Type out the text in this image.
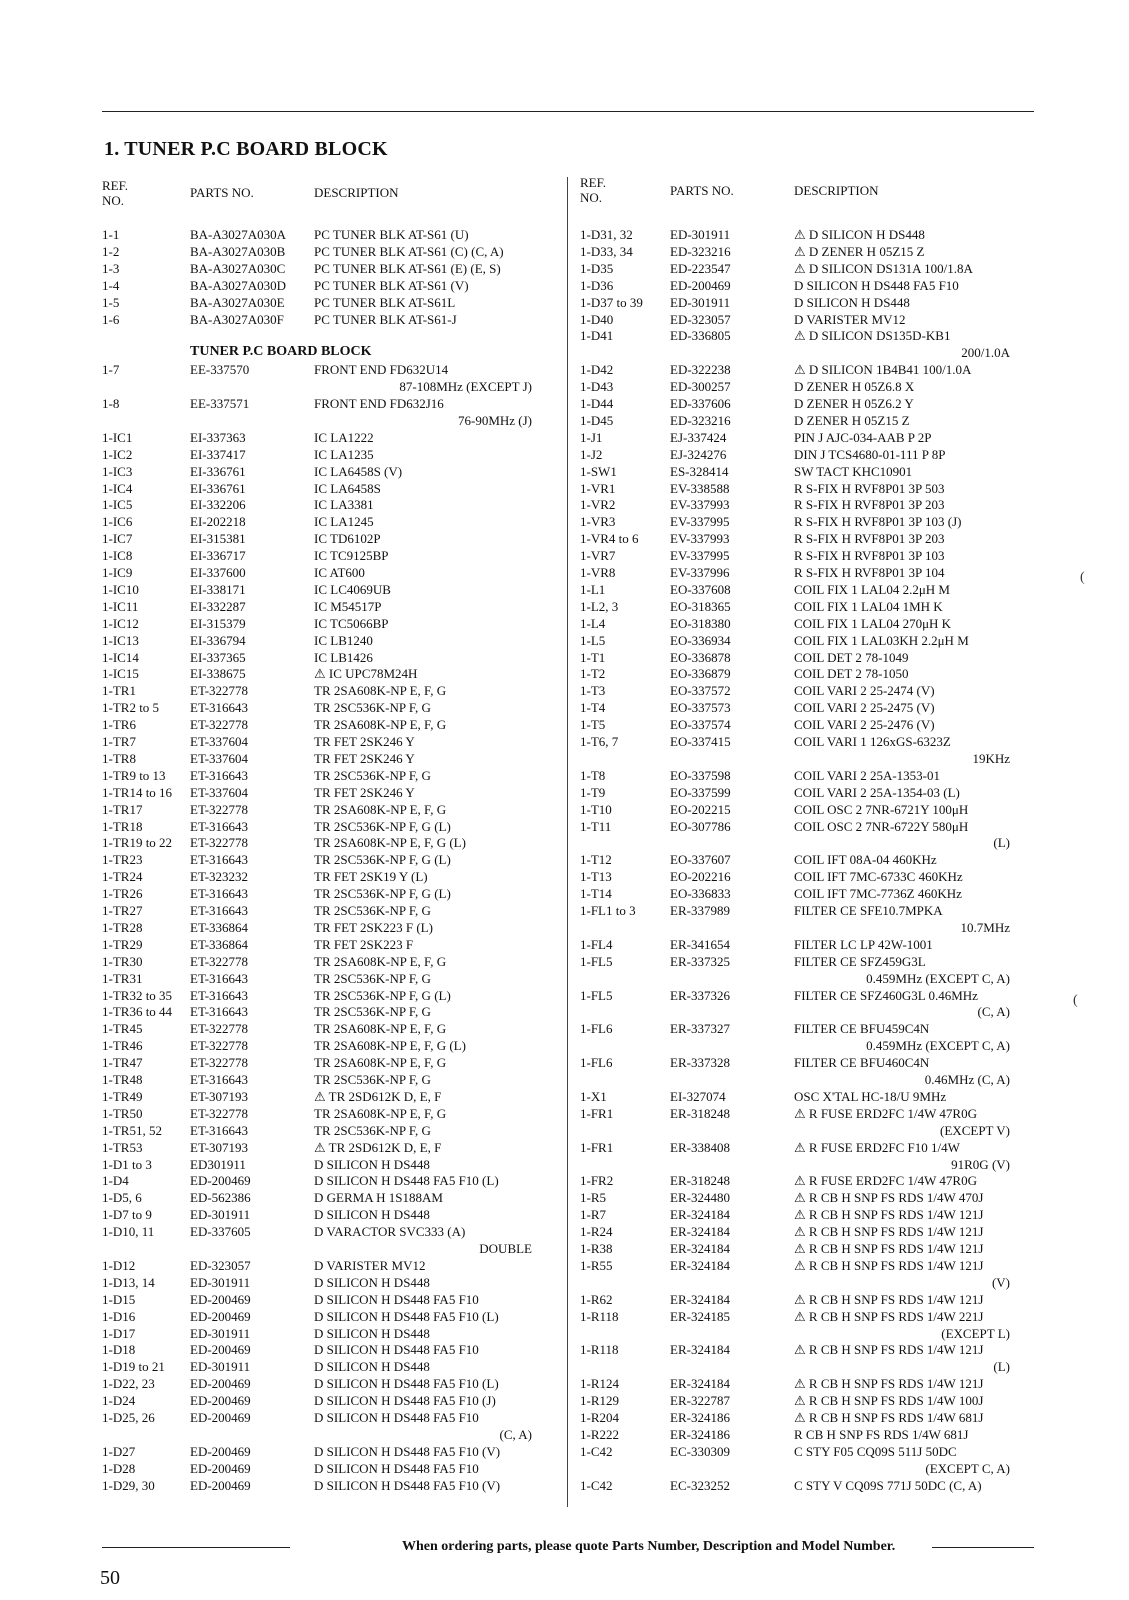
1. TUNER P.C BOARD BLOCK
REF.
NO.
PARTS NO.	DESCRIPTION
REF.
NO.	PARTS NO.	DESCRIPTION
TUNER P.C BOARD BLOCK
1-1	BA-A3027A030A PC TUNER BLK AT-S61 (U)
1-2	BA-A3027A030B PC TUNER BLK AT-S61 (C) (C, A)
1-3	BA-A3027A030C PC TUNER BLK AT-S61 (E) (E, S)
1-4	BA-A3027A030D PC TUNER BLK AT-S61 (V)
1-5	BA-A3027A030E PC TUNER BLK AT-S61L
1-6	BA-A3027A030F PC TUNER BLK AT-S61-J
1-7	EE-337570	FRONT END FD632U14
87-108MHz (EXCEPT J)
1-8	EE-337571	FRONT END FD632J16
76-90MHz (J)
1-IC1	EI-337363	IC LA1222
1-IC2	EI-337417	IC LA1235
1-IC3	EI-336761	IC LA6458S (V)
1-IC4	EI-336761	IC LA6458S
1-IC5	EI-332206	IC LA3381
1-IC6	EI-202218	IC LA1245
1-IC7	EI-315381	IC TD6102P
1-IC8	EI-336717	IC TC9125BP
1-IC9	EI-337600	IC AT600
1-IC10	EI-338171	IC LC4069UB
1-IC11	EI-332287	IC M54517P
1-IC12	EI-315379	IC TC5066BP
1-IC13	EI-336794	IC LB1240
1-IC14	EI-337365	IC LB1426
1-IC15	EI-338675	⚠ IC UPC78M24H
1-TR1	ET-322778	TR 2SA608K-NP E, F, G
1-TR2 to 5 ET-316643	TR 2SC536K-NP F, G
1-TR6	ET-322778	TR 2SA608K-NP E, F, G
1-TR7	ET-337604	TR FET 2SK246 Y
1-TR8	ET-337604	TR FET 2SK246 Y
1-TR9 to 13 ET-316643	TR 2SC536K-NP F, G
1-TR14 to 16 ET-337604	TR FET 2SK246 Y
1-TR17	ET-322778	TR 2SA608K-NP E, F, G
1-TR18	ET-316643	TR 2SC536K-NP F, G (L)
1-TR19 to 22 ET-322778	TR 2SA608K-NP E, F, G (L)
1-TR23	ET-316643	TR 2SC536K-NP F, G (L)
1-TR24	ET-323232	TR FET 2SK19 Y (L)
1-TR26	ET-316643	TR 2SC536K-NP F, G (L)
1-TR27	ET-316643	TR 2SC536K-NP F, G
1-TR28	ET-336864	TR FET 2SK223 F (L)
1-TR29	ET-336864	TR FET 2SK223 F
1-TR30	ET-322778	TR 2SA608K-NP E, F, G
1-TR31	ET-316643	TR 2SC536K-NP F, G
1-TR32 to 35 ET-316643	TR 2SC536K-NP F, G (L)
1-TR36 to 44 ET-316643	TR 2SC536K-NP F, G
1-TR45	ET-322778	TR 2SA608K-NP E, F, G
1-TR46	ET-322778	TR 2SA608K-NP E, F, G (L)
1-TR47	ET-322778	TR 2SA608K-NP E, F, G
1-TR48	ET-316643	TR 2SC536K-NP F, G
1-TR49	ET-307193	⚠ TR 2SD612K D, E, F
1-TR50	ET-322778	TR 2SA608K-NP E, F, G
1-TR51, 52 ET-316643	TR 2SC536K-NP F, G
1-TR53	ET-307193	⚠ TR 2SD612K D, E, F
1-D1 to 3	ED301911	D SILICON H DS448
1-D4	ED-200469	D SILICON H DS448 FA5 F10 (L)
1-D5, 6	ED-562386	D GERMA H 1S188AM
1-D7 to 9	ED-301911	D SILICON H DS448
1-D10, 11	ED-337605	D VARACTOR SVC333 (A)
DOUBLE
1-D12	ED-323057	D VARISTER MV12
1-D13, 14	ED-301911	D SILICON H DS448
1-D15	ED-200469	D SILICON H DS448 FA5 F10
1-D16	ED-200469	D SILICON H DS448 FA5 F10 (L)
1-D17	ED-301911	D SILICON H DS448
1-D18	ED-200469	D SILICON H DS448 FA5 F10
1-D19 to 21 ED-301911	D SILICON H DS448
1-D22, 23	ED-200469	D SILICON H DS448 FA5 F10 (L)
1-D24	ED-200469	D SILICON H DS448 FA5 F10 (J)
1-D25, 26	ED-200469	D SILICON H DS448 FA5 F10
(C, A)
1-D27	ED-200469	D SILICON H DS448 FA5 F10 (V)
1-D28	ED-200469	D SILICON H DS448 FA5 F10
1-D29, 30	ED-200469	D SILICON H DS448 FA5 F10 (V)
1-D31, 32	ED-301911	⚠ D SILICON H DS448
1-D33, 34	ED-323216	⚠ D ZENER H 05Z15 Z
1-D35	ED-223547	⚠ D SILICON DS131A 100/1.8A
1-D36	ED-200469	D SILICON H DS448 FA5 F10
1-D37 to 39 ED-301911	D SILICON H DS448
1-D40	ED-323057	D VARISTER MV12
1-D41	ED-336805	⚠ D SILICON DS135D-KB1
200/1.0A
1-D42	ED-322238	⚠ D SILICON 1B4B41 100/1.0A
1-D43	ED-300257	D ZENER H 05Z6.8 X
1-D44	ED-337606	D ZENER H 05Z6.2 Y
1-D45	ED-323216	D ZENER H 05Z15 Z
1-J1	EJ-337424	PIN J AJC-034-AAB P 2P
1-J2	EJ-324276	DIN J TCS4680-01-111 P 8P
1-SW1	ES-328414	SW TACT KHC10901
1-VR1	EV-338588	R S-FIX H RVF8P01 3P 503
1-VR2	EV-337993	R S-FIX H RVF8P01 3P 203
1-VR3	EV-337995	R S-FIX H RVF8P01 3P 103 (J)
1-VR4 to 6 EV-337993	R S-FIX H RVF8P01 3P 203
1-VR7	EV-337995	R S-FIX H RVF8P01 3P 103
1-VR8	EV-337996	R S-FIX H RVF8P01 3P 104
1-L1	EO-337608	COIL FIX 1 LAL04 2.2μH M
1-L2, 3	EO-318365	COIL FIX 1 LAL04 1MH K
1-L4	EO-318380	COIL FIX 1 LAL04 270μH K
1-L5	EO-336934	COIL FIX 1 LAL03KH 2.2μH M
1-T1	EO-336878	COIL DET 2 78-1049
1-T2	EO-336879	COIL DET 2 78-1050
1-T3	EO-337572	COIL VARI 2 25-2474 (V)
1-T4	EO-337573	COIL VARI 2 25-2475 (V)
1-T5	EO-337574	COIL VARI 2 25-2476 (V)
1-T6, 7	EO-337415	COIL VARI 1 126xGS-6323Z
19KHz
1-T8	EO-337598	COIL VARI 2 25A-1353-01
1-T9	EO-337599	COIL VARI 2 25A-1354-03 (L)
1-T10	EO-202215	COIL OSC 2 7NR-6721Y 100μH
1-T11	EO-307786	COIL OSC 2 7NR-6722Y 580μH
(L)
1-T12	EO-337607	COIL IFT 08A-04 460KHz
1-T13	EO-202216	COIL IFT 7MC-6733C 460KHz
1-T14	EO-336833	COIL IFT 7MC-7736Z 460KHz
1-FL1 to 3	ER-337989	FILTER CE SFE10.7MPKA
10.7MHz
1-FL4	ER-341654	FILTER LC LP 42W-1001
1-FL5	ER-337325	FILTER CE SFZ459G3L
0.459MHz (EXCEPT C, A)
1-FL5	ER-337326	FILTER CE SFZ460G3L 0.46MHz
(C, A)
1-FL6	ER-337327	FILTER CE BFU459C4N
0.459MHz (EXCEPT C, A)
1-FL6	ER-337328	FILTER CE BFU460C4N
0.46MHz (C, A)
1-X1	EI-327074	OSC X'TAL HC-18/U 9MHz
1-FR1	ER-318248	⚠ R FUSE ERD2FC 1/4W 47R0G
(EXCEPT V)
1-FR1	ER-338408	⚠ R FUSE ERD2FC F10 1/4W
91R0G (V)
1-FR2	ER-318248	⚠ R FUSE ERD2FC 1/4W 47R0G
1-R5	ER-324480	⚠ R CB H SNP FS RDS 1/4W 470J
1-R7	ER-324184	⚠ R CB H SNP FS RDS 1/4W 121J
1-R24	ER-324184	⚠ R CB H SNP FS RDS 1/4W 121J
1-R38	ER-324184	⚠ R CB H SNP FS RDS 1/4W 121J
1-R55	ER-324184	⚠ R CB H SNP FS RDS 1/4W 121J
(V)
1-R62	ER-324184	⚠ R CB H SNP FS RDS 1/4W 121J
1-R118	ER-324185	⚠ R CB H SNP FS RDS 1/4W 221J
(EXCEPT L)
1-R118	ER-324184	⚠ R CB H SNP FS RDS 1/4W 121J
(L)
1-R124	ER-324184	⚠ R CB H SNP FS RDS 1/4W 121J
1-R129	ER-322787	⚠ R CB H SNP FS RDS 1/4W 100J
1-R204	ER-324186	⚠ R CB H SNP FS RDS 1/4W 681J
1-R222	ER-324186	R CB H SNP FS RDS 1/4W 681J
1-C42	EC-330309	C STY F05 CQ09S 511J 50DC
(EXCEPT C, A)
1-C42	EC-323252	C STY V CQ09S 771J 50DC (C, A)
(
(
When ordering parts, please quote Parts Number, Description and Model Number.
50
